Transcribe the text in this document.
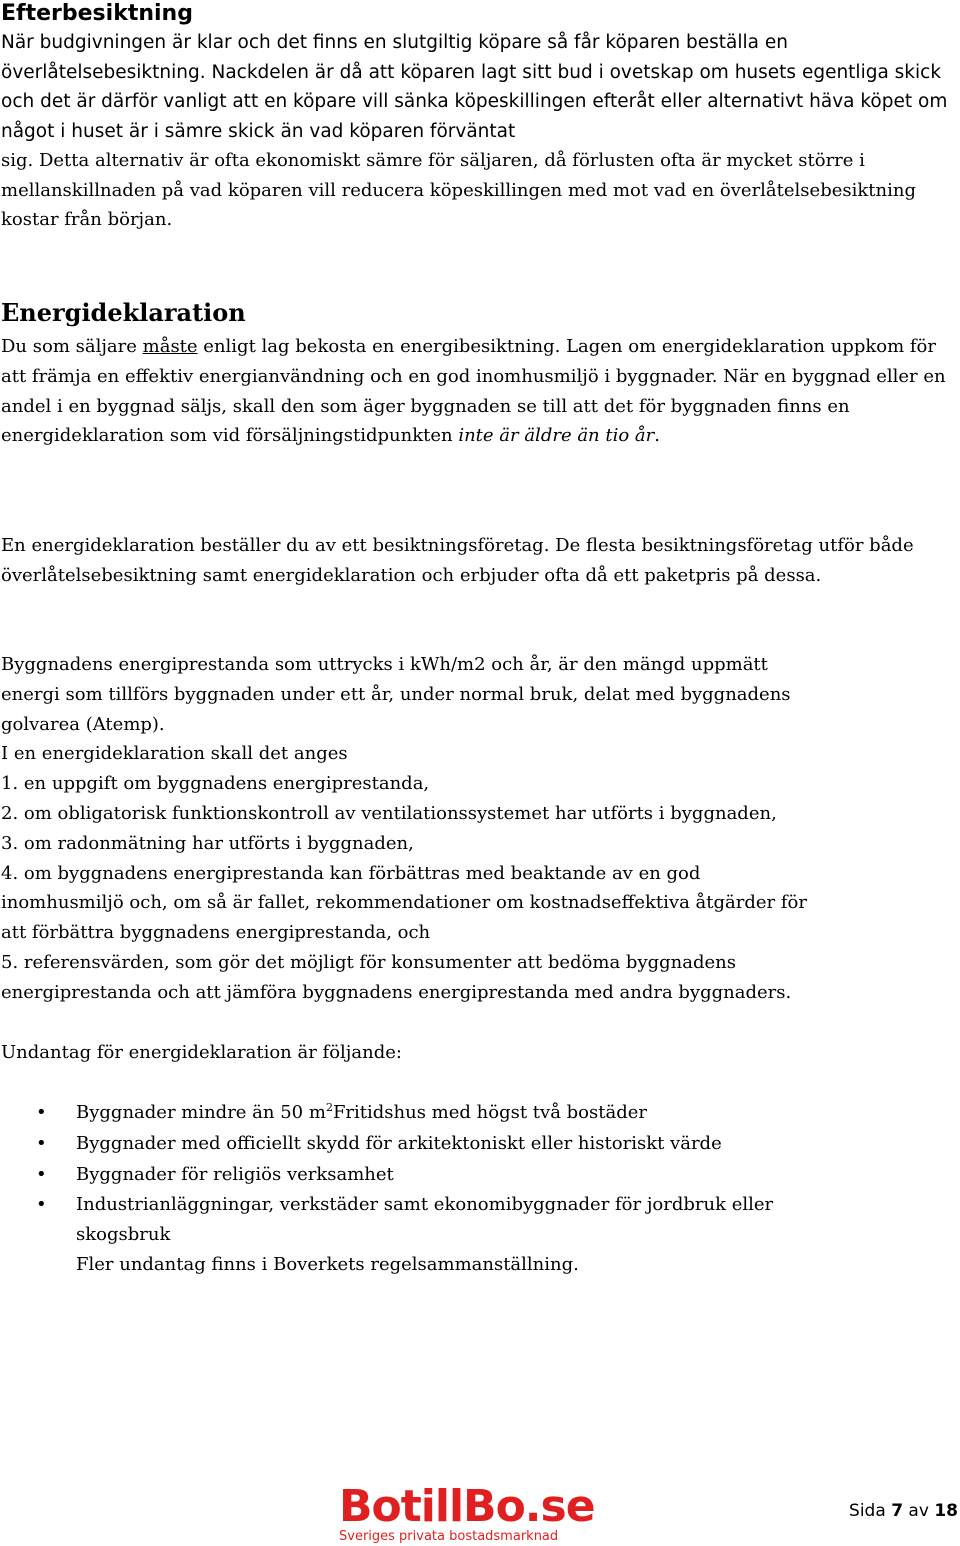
Efterbesiktning

När budgivningen är klar och det finns en slutgiltig köpare så får köparen beställa en överlåtelsebesiktning. Nackdelen är då att köparen lagt sitt bud i ovetskap om husets egentliga skick och det är därför vanligt att en köpare vill sänka köpeskillingen efteråt eller alternativt häva köpet om något i huset är i sämre skick än vad köparen förväntat

sig. Detta alternativ är ofta ekonomiskt sämre för säljaren, då förlusten ofta är mycket större i mellanskillnaden på vad köparen vill reducera köpeskillingen med mot vad en överlåtelsebesiktning kostar från början.

Energideklaration

Du som säljare måste enligt lag bekosta en energibesiktning. Lagen om energideklaration uppkom för att främja en effektiv energianvändning och en god inomhusmiljö i byggnader. När en byggnad eller en andel i en byggnad säljs, skall den som äger byggnaden se till att det för byggnaden finns en energideklaration som vid försäljningstidpunkten inte är äldre än tio år.

En energideklaration beställer du av ett besiktningsföretag. De flesta besiktningsföretag utför både överlåtelsebesiktning samt energideklaration och erbjuder ofta då ett paketpris på dessa.

Byggnadens energiprestanda som uttrycks i kWh/m2 och år, är den mängd uppmätt
energi som tillförs byggnaden under ett år, under normal bruk, delat med byggnadens
golvarea (Atemp).
I en energideklaration skall det anges
1. en uppgift om byggnadens energiprestanda,
2. om obligatorisk funktionskontroll av ventilationssystemet har utförts i byggnaden,
3. om radonmätning har utförts i byggnaden,
4. om byggnadens energiprestanda kan förbättras med beaktande av en god
inomhusmiljö och, om så är fallet, rekommendationer om kostnadseffektiva åtgärder för
att förbättra byggnadens energiprestanda, och
5. referensvärden, som gör det möjligt för konsumenter att bedöma byggnadens
energiprestanda och att jämföra byggnadens energiprestanda med andra byggnaders.

Undantag för energideklaration är följande:

• Byggnader mindre än 50 $m^2Fritidshus$ med högst två bostäder
• Byggnader med officiellt skydd för arkitektoniskt eller historiskt värde
• Byggnader för religiös verksamhet
• Industrianläggningar, verkstäder samt ekonomibyggnader för jordbruk eller
skogsbruk
Fler undantag finns i Boverkets regelsammanställning.
BotillBo.se
Sveriges privata bostadsmarknad
Sida 7 av 18
